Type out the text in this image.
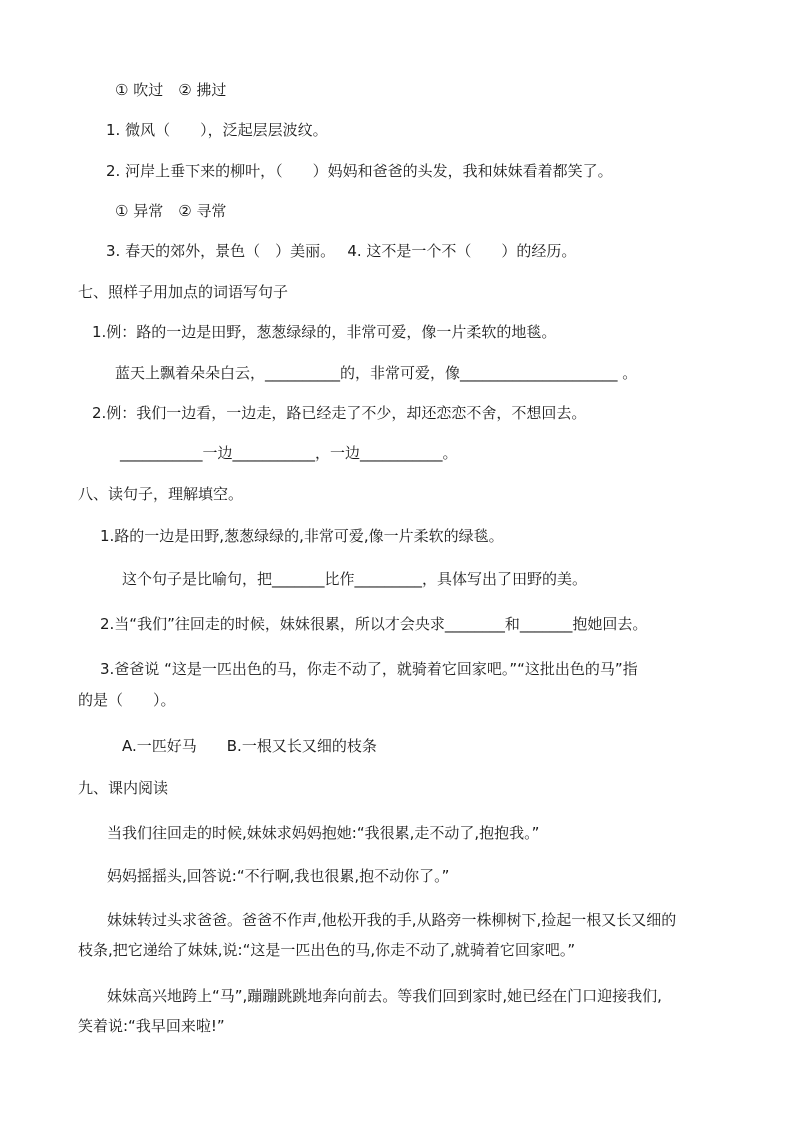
① 吹过　② 拂过
1. 微风（　　），泛起层层波纹。
2. 河岸上垂下来的柳叶，（　　）妈妈和爸爸的头发，我和妹妹看着都笑了。
① 异常　② 寻常
3. 春天的郊外，景色（　）美丽。　 4. 这不是一个不（　　）的经历。
七、照样子用加点的词语写句子
1.例：路的一边是田野，葱葱绿绿的，非常可爱，像一片柔软的地毯。
蓝天上飘着朵朵白云，__________的，非常可爱，像_____________________ 。
2.例：我们一边看，一边走，路已经走了不少，却还恋恋不舍，不想回去。
___________一边___________，一边___________。
八、读句子，理解填空。
1.路的一边是田野,葱葱绿绿的,非常可爱,像一片柔软的绿毯。
这个句子是比喻句，把_______比作_________，具体写出了田野的美。
2.当“我们”往回走的时候，妹妹很累，所以才会央求________和_______抱她回去。
3.爸爸说 “这是一匹出色的马，你走不动了，就骑着它回家吧。”“这批出色的马”指
的是（　　）。
A.一匹好马　　B.一根又长又细的枝条
九、课内阅读
当我们往回走的时候,妹妹求妈妈抱她:“我很累,走不动了,抱抱我。”
妈妈摇摇头,回答说:“不行啊,我也很累,抱不动你了。”
妹妹转过头求爸爸。爸爸不作声,他松开我的手,从路旁一株柳树下,捡起一根又长又细的
枝条,把它递给了妹妹,说:“这是一匹出色的马,你走不动了,就骑着它回家吧。”
妹妹高兴地跨上“马”,蹦蹦跳跳地奔向前去。等我们回到家时,她已经在门口迎接我们,
笑着说:“我早回来啦!”
